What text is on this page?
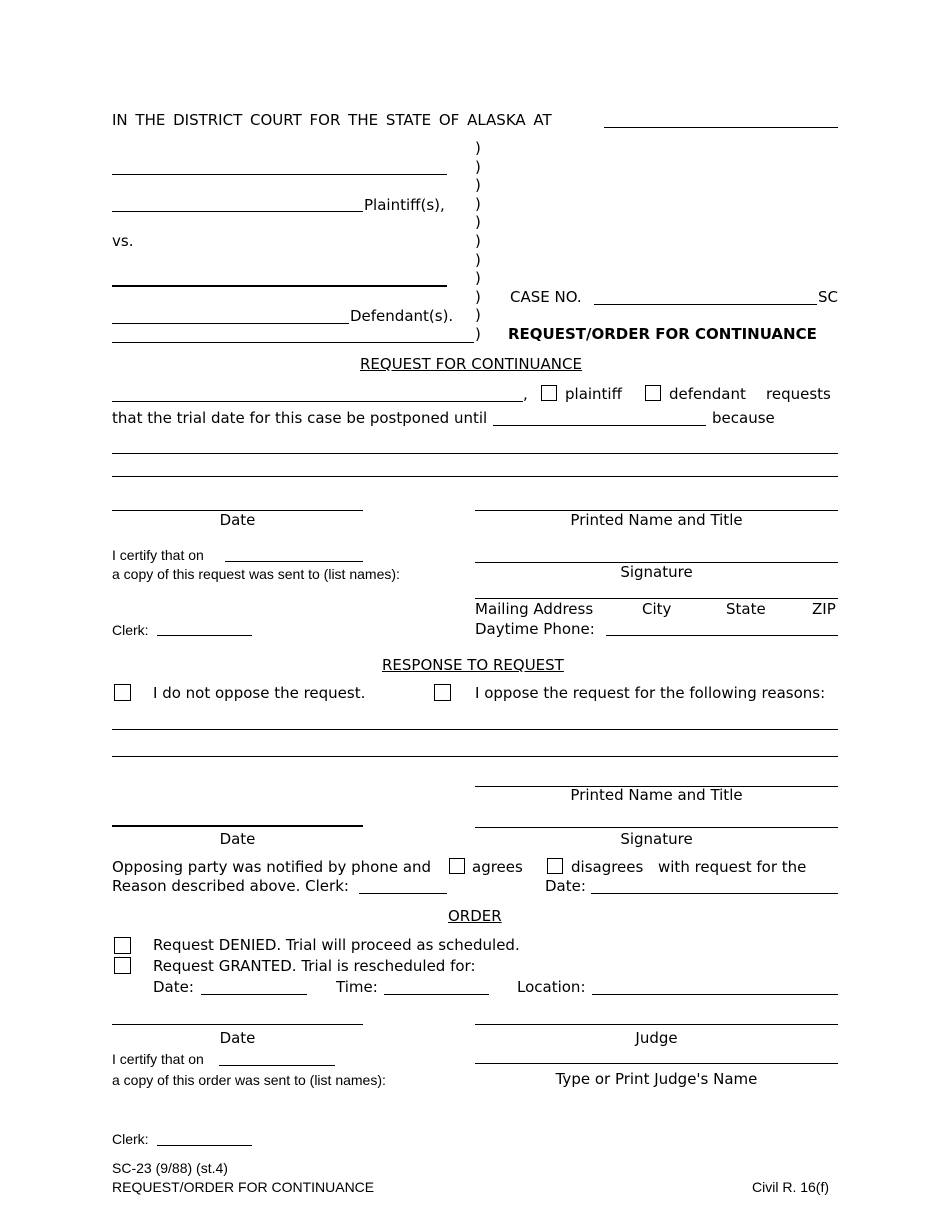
IN THE DISTRICT COURT FOR THE STATE OF ALASKA AT
)
)
)
)
)
)
)
)
)
)
)
Plaintiff(s),
vs.
Defendant(s).
CASE NO.	SC
REQUEST/ORDER FOR CONTINUANCE
REQUEST FOR CONTINUANCE
, plaintiff	defendant requests
that the trial date for this case be postponed until	because
Date	Printed Name and Title
I certify that on
a copy of this request was sent to (list names):	Signature
Mailing Address	City	State	ZIP
Clerk:	Daytime Phone:
RESPONSE TO REQUEST
I do not oppose the request.	I oppose the request for the following reasons:
Printed Name and Title
Date	Signature
Opposing party was notified by phone and	agrees	disagrees with request for the
Reason described above. Clerk:	Date:
ORDER
Request DENIED. Trial will proceed as scheduled.
Request GRANTED. Trial is rescheduled for:
Date:	Time:	Location:
Date	Judge
I certify that on
a copy of this order was sent to (list names):	Type or Print Judge's Name
Clerk:
SC-23 (9/88) (st.4)
REQUEST/ORDER FOR CONTINUANCE	Civil R. 16(f)
